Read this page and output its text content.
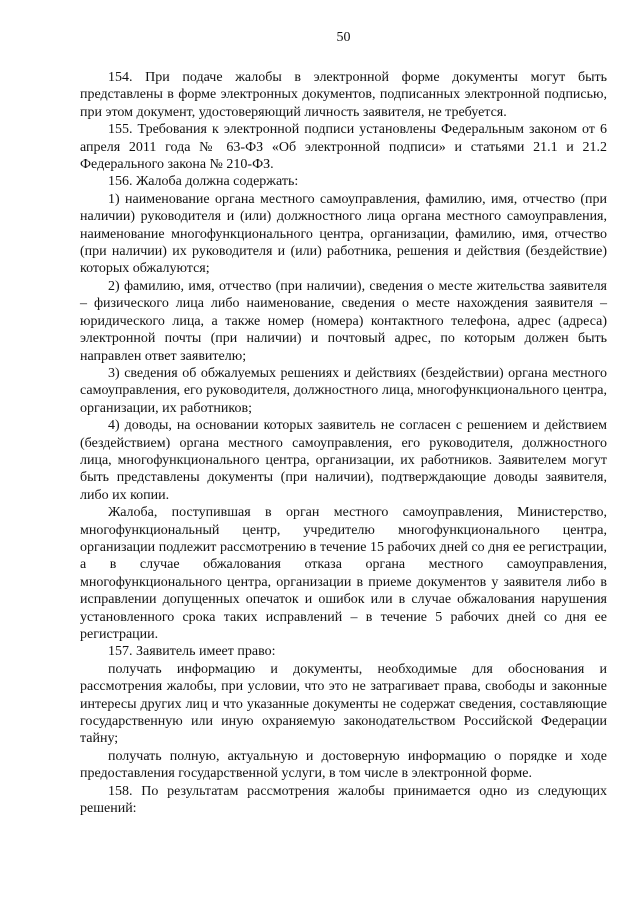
50

154. При подаче жалобы в электронной форме документы могут быть представлены в форме электронных документов, подписанных электронной подписью, при этом документ, удостоверяющий личность заявителя, не требуется.

155. Требования к электронной подписи установлены Федеральным законом от 6 апреля 2011 года № 63-ФЗ «Об электронной подписи» и статьями 21.1 и 21.2 Федерального закона № 210-ФЗ.

156. Жалоба должна содержать:

1) наименование органа местного самоуправления, фамилию, имя, отчество (при наличии) руководителя и (или) должностного лица органа местного самоуправления, наименование многофункционального центра, организации, фамилию, имя, отчество (при наличии) их руководителя и (или) работника, решения и действия (бездействие) которых обжалуются;

2) фамилию, имя, отчество (при наличии), сведения о месте жительства заявителя – физического лица либо наименование, сведения о месте нахождения заявителя – юридического лица, а также номер (номера) контактного телефона, адрес (адреса) электронной почты (при наличии) и почтовый адрес, по которым должен быть направлен ответ заявителю;

3) сведения об обжалуемых решениях и действиях (бездействии) органа местного самоуправления, его руководителя, должностного лица, многофункционального центра, организации, их работников;

4) доводы, на основании которых заявитель не согласен с решением и действием (бездействием) органа местного самоуправления, его руководителя, должностного лица, многофункционального центра, организации, их работников. Заявителем могут быть представлены документы (при наличии), подтверждающие доводы заявителя, либо их копии.

Жалоба, поступившая в орган местного самоуправления, Министерство, многофункциональный центр, учредителю многофункционального центра, организации подлежит рассмотрению в течение 15 рабочих дней со дня ее регистрации, а в случае обжалования отказа органа местного самоуправления, многофункционального центра, организации в приеме документов у заявителя либо в исправлении допущенных опечаток и ошибок или в случае обжалования нарушения установленного срока таких исправлений – в течение 5 рабочих дней со дня ее регистрации.

157. Заявитель имеет право:

получать информацию и документы, необходимые для обоснования и рассмотрения жалобы, при условии, что это не затрагивает права, свободы и законные интересы других лиц и что указанные документы не содержат сведения, составляющие государственную или иную охраняемую законодательством Российской Федерации тайну;

получать полную, актуальную и достоверную информацию о порядке и ходе предоставления государственной услуги, в том числе в электронной форме.

158. По результатам рассмотрения жалобы принимается одно из следующих решений:
